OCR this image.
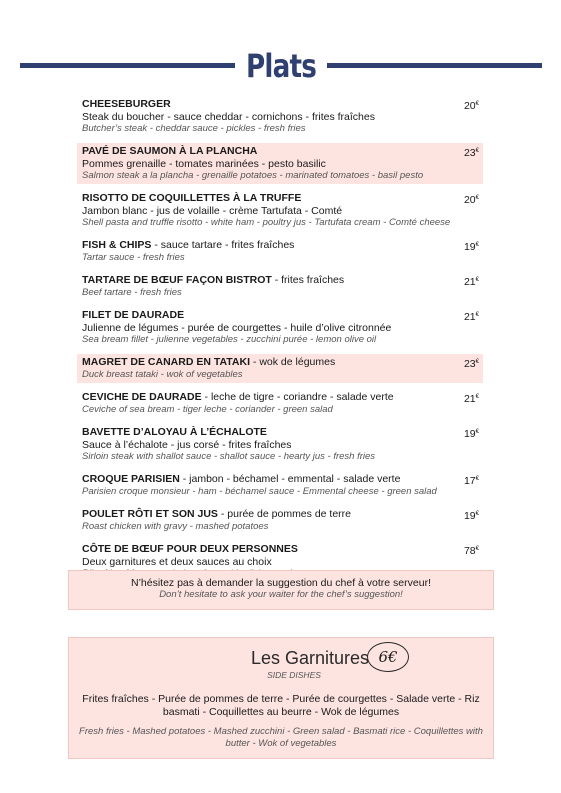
Plats
CHEESEBURGER	20€
Steak du boucher - sauce cheddar - cornichons - frites fraîches
Butcher’s steak - cheddar sauce - pickles - fresh fries
PAVÉ DE SAUMON À LA PLANCHA	23€
Pommes grenaille - tomates marinées - pesto basilic
Salmon steak a la plancha - grenaille potatoes - marinated tomatoes - basil pesto
RISOTTO DE COQUILLETTES À LA TRUFFE	20€
Jambon blanc - jus de volaille - crème Tartufata - Comté
Shell pasta and truffle risotto - white ham - poultry jus - Tartufata cream - Comté cheese
FISH & CHIPS - sauce tartare - frites fraîches	19€
Tartar sauce - fresh fries
TARTARE DE BŒUF FAÇON BISTROT - frites fraîches	21€
Beef tartare - fresh fries
FILET DE DAURADE	21€
Julienne de légumes - purée de courgettes - huile d’olive citronnée
Sea bream fillet - julienne vegetables - zucchini purée - lemon olive oil
MAGRET DE CANARD EN TATAKI - wok de légumes	23€
Duck breast tataki - wok of vegetables
CEVICHE DE DAURADE - leche de tigre - coriandre - salade verte	21€
Ceviche of sea bream - tiger leche - coriander - green salad
BAVETTE D’ALOYAU À L’ÉCHALOTE	19€
Sauce à l’échalote - jus corsé - frites fraîches
Sirloin steak with shallot sauce - shallot sauce - hearty jus - fresh fries
CROQUE PARISIEN - jambon - béchamel - emmental - salade verte	17€
Parisien croque monsieur - ham - béchamel sauce - Emmental cheese - green salad
POULET RÔTI ET SON JUS - purée de pommes de terre	19€
Roast chicken with gravy - mashed potatoes
CÔTE DE BŒUF POUR DEUX PERSONNES	78€
Deux garnitures et deux sauces au choix
N’hésitez pas à demander la suggestion du chef à votre serveur!
Don’t hesitate to ask your waiter for the chef’s suggestion!
Les Garnitures 6€
SIDE DISHES
Frites fraîches - Purée de pommes de terre - Purée de courgettes - Salade verte - Riz basmati - Coquillettes au beurre - Wok de légumes
Fresh fries - Mashed potatoes - Mashed zucchini - Green salad - Basmati rice - Coquillettes with butter - Wok of vegetables
